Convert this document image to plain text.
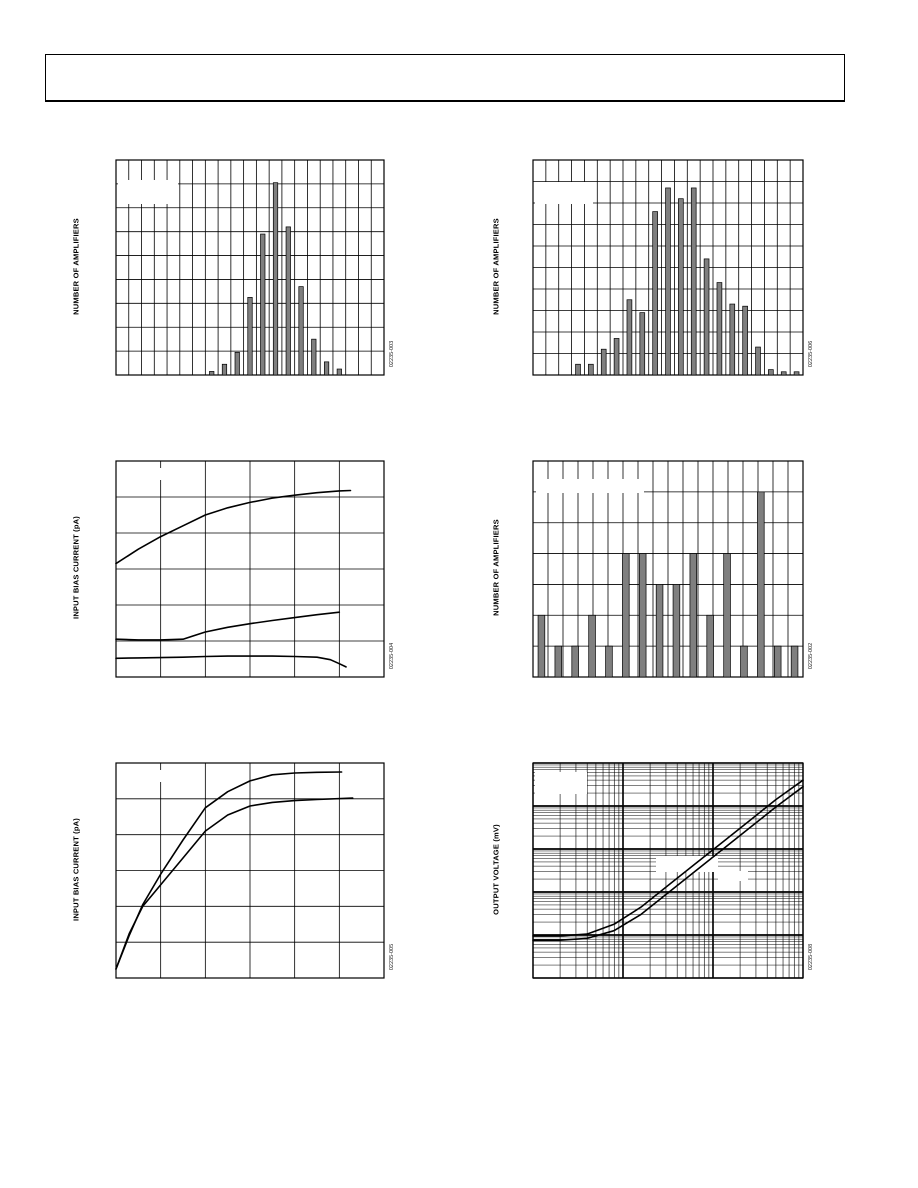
NUMBER OF AMPLIFIERS
02235-003
NUMBER OF AMPLIFIERS
02235-006
INPUT BIAS CURRENT (pA)
02235-004
NUMBER OF AMPLIFIERS
02235-002
INPUT BIAS CURRENT (pA)
02235-005
OUTPUT VOLTAGE (mV)
02235-008
